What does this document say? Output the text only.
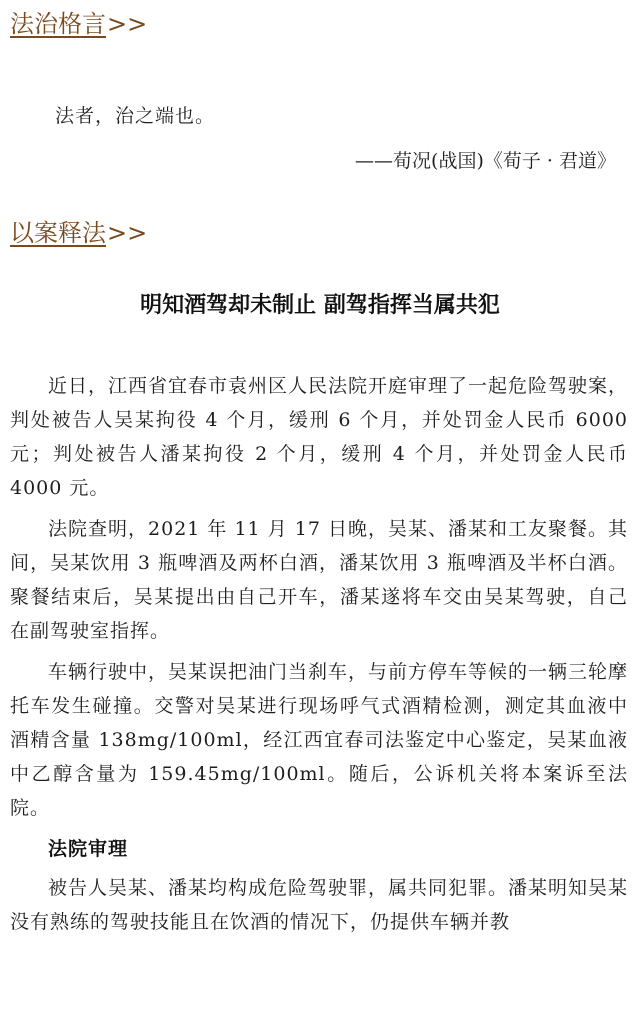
法治格言>>
法者，治之端也。
——荀况(战国)《荀子 · 君道》
以案释法>>
明知酒驾却未制止 副驾指挥当属共犯

近日，江西省宜春市袁州区人民法院开庭审理了一起危险驾驶案，判处被告人吴某拘役 4 个月，缓刑 6 个月，并处罚金人民币 6000 元；判处被告人潘某拘役 2 个月，缓刑 4 个月，并处罚金人民币 4000 元。

法院查明，2021 年 11 月 17 日晚，吴某、潘某和工友聚餐。其间，吴某饮用 3 瓶啤酒及两杯白酒，潘某饮用 3 瓶啤酒及半杯白酒。聚餐结束后，吴某提出由自己开车，潘某遂将车交由吴某驾驶，自己在副驾驶室指挥。

车辆行驶中，吴某误把油门当刹车，与前方停车等候的一辆三轮摩托车发生碰撞。交警对吴某进行现场呼气式酒精检测，测定其血液中酒精含量 138mg/100ml，经江西宜春司法鉴定中心鉴定，吴某血液中乙醇含量为 159.45mg/100ml。随后，公诉机关将本案诉至法院。

法院审理

被告人吴某、潘某均构成危险驾驶罪，属共同犯罪。潘某明知吴某没有熟练的驾驶技能且在饮酒的情况下，仍提供车辆并教
